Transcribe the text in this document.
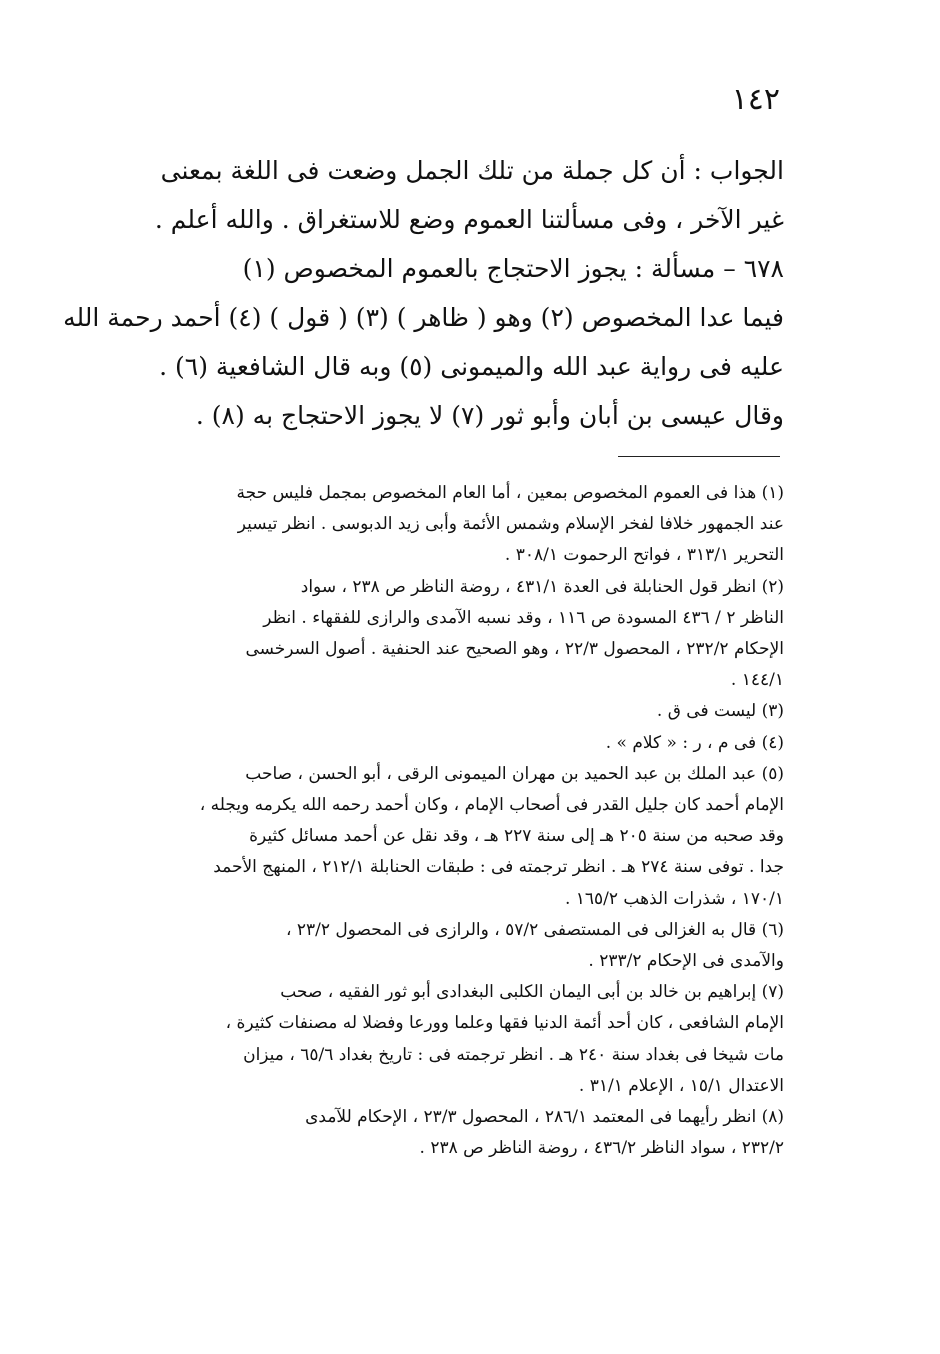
١٤٢
الجواب : أن كل جملة من تلك الجمل وضعت فى اللغة بمعنى
غير الآخر ، وفى مسألتنا العموم وضع للاستغراق . والله أعلم .
٦٧٨ – مسألة : يجوز الاحتجاج بالعموم المخصوص (١)
فيما عدا المخصوص (٢) وهو ( ظاهر ) (٣) ( قول ) (٤) أحمد رحمة الله
عليه فى رواية عبد الله والميمونى (٥) وبه قال الشافعية (٦) .
وقال عيسى بن أبان وأبو ثور (٧) لا يجوز الاحتجاج به (٨) .
(١) هذا فى العموم المخصوص بمعين ، أما العام المخصوص بمجمل فليس حجة
عند الجمهور خلافا لفخر الإسلام وشمس الأئمة وأبى زيد الدبوسى . انظر تيسير
التحرير ٣١٣/١ ، فواتح الرحموت ٣٠٨/١ .
(٢) انظر قول الحنابلة فى العدة ٤٣١/١ ، روضة الناظر ص ٢٣٨ ، سواد
الناظر ٢ / ٤٣٦ المسودة ص ١١٦ ، وقد نسبه الآمدى والرازى للفقهاء . انظر
الإحكام ٢٣٢/٢ ، المحصول ٢٢/٣ ، وهو الصحيح عند الحنفية . أصول السرخسى
١٤٤/١ .
(٣) ليست فى ق .
(٤) فى م ، ر : « كلام » .
(٥) عبد الملك بن عبد الحميد بن مهران الميمونى الرقى ، أبو الحسن ، صاحب
الإمام أحمد كان جليل القدر فى أصحاب الإمام ، وكان أحمد رحمه الله يكرمه ويجله ،
وقد صحبه من سنة ٢٠٥ هـ إلى سنة ٢٢٧ هـ ، وقد نقل عن أحمد مسائل كثيرة
جدا . توفى سنة ٢٧٤ هـ . انظر ترجمته فى : طبقات الحنابلة ٢١٢/١ ، المنهج الأحمد
١٧٠/١ ، شذرات الذهب ١٦٥/٢ .
(٦) قال به الغزالى فى المستصفى ٥٧/٢ ، والرازى فى المحصول ٢٣/٢ ،
والآمدى فى الإحكام ٢٣٣/٢ .
(٧) إبراهيم بن خالد بن أبى اليمان الكلبى البغدادى أبو ثور الفقيه ، صحب
الإمام الشافعى ، كان أحد أئمة الدنيا فقها وعلما وورعا وفضلا له مصنفات كثيرة ،
مات شيخا فى بغداد سنة ٢٤٠ هـ . انظر ترجمته فى : تاريخ بغداد ٦٥/٦ ، ميزان
الاعتدال ١٥/١ ، الإعلام ٣١/١ .
(٨) انظر رأيهما فى المعتمد ٢٨٦/١ ، المحصول ٢٣/٣ ، الإحكام للآمدى
٢٣٢/٢ ، سواد الناظر ٤٣٦/٢ ، روضة الناظر ص ٢٣٨ .
